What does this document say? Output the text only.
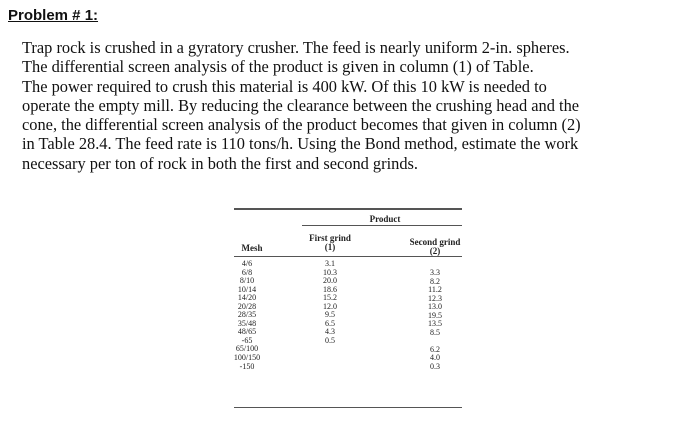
Problem # 1:
Trap rock is crushed in a gyratory crusher. The feed is nearly uniform 2-in. spheres.
The differential screen analysis of the product is given in column (1) of Table.
The power required to crush this material is 400 kW. Of this 10 kW is needed to
operate the empty mill. By reducing the clearance between the crushing head and the
cone, the differential screen analysis of the product becomes that given in column (2)
in Table 28.4. The feed rate is 110 tons/h. Using the Bond method, estimate the work
necessary per ton of rock in both the first and second grinds.
Product
First grind
(1)
Mesh
Second grind
(2)
4/6
6/8
8/10
10/14
14/20
20/28
28/35
35/48
48/65
-65
65/100
100/150
-150
3.1
10.3
20.0
18.6
15.2
12.0
9.5
6.5
4.3
0.5
3.3
8.2
11.2
12.3
13.0
19.5
13.5
8.5
6.2
4.0
0.3
